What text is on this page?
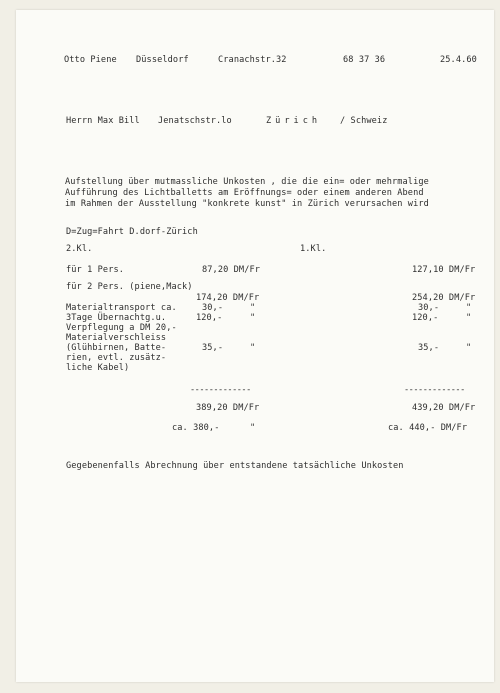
Otto Piene Düsseldorf	Cranachstr.32	68 37 36	25.4.60
Herrn Max Bill Jenatschstr.lo	Zürich / Schweiz
Aufstellung über mutmassliche Unkosten , die die ein= oder mehrmalige
Aufführung des Lichtballetts am Eröffnungs= oder einem anderen Abend
im Rahmen der Ausstellung "konkrete kunst" in Zürich verursachen wird
D=Zug=Fahrt D.dorf-Zürich
2.Kl.	1.Kl.
für 1 Pers.	87,20 DM/Fr	127,10 DM/Fr
für 2 Pers. (piene,Mack)
174,20 DM/Fr	254,20 DM/Fr
Materialtransport ca.	30,-	"	30,-	"
3Tage Übernachtg.u.	120,-	"	120,-	"
Verpflegung a DM 20,-
Materialverschleiss
(Glühbirnen, Batte-	35,-	"	35,-	"
rien, evtl. zusätz-
liche Kabel)
-------------	-------------
389,20 DM/Fr	439,20 DM/Fr
ca. 380,-	"	ca. 440,- DM/Fr
Gegebenenfalls Abrechnung über entstandene tatsächliche Unkosten
